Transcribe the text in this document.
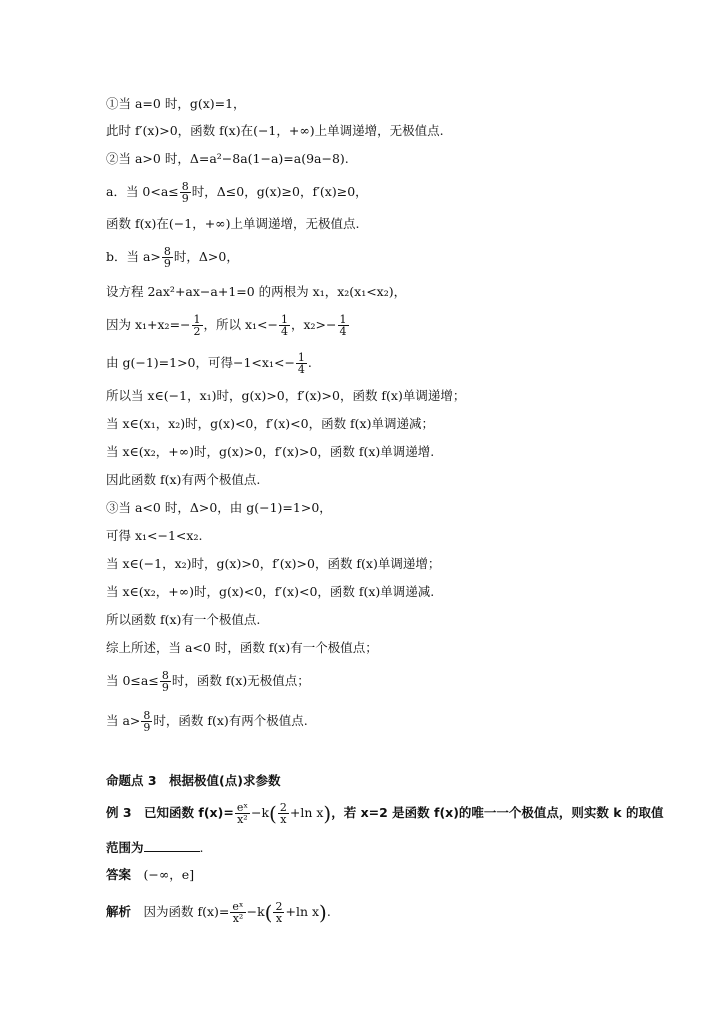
①当 a=0 时，g(x)=1，
此时 f′(x)>0，函数 f(x)在(−1，+∞)上单调递增，无极值点.
②当 a>0 时，Δ=a²−8a(1−a)=a(9a−8).
a．当 $0<a\le \frac{8}{9}$ 时，Δ≤0，g(x)≥0，f′(x)≥0，
函数 f(x)在(−1，+∞)上单调递增，无极值点.
b．当 $a> \frac{8}{9}$ 时，Δ>0，
设方程 2ax²+ax−a+1=0 的两根为 x₁，x₂(x₁<x₂)，
因为 $x_1+x_2=- \frac{1}{2}$ ，所以 $x_1<- \frac{1}{4}$ ，$x_2>- \frac{1}{4}$
由 g(−1)=1>0，可得$-1<x_1<- \frac{1}{4}$ .
所以当 x∈(−1，x₁)时，g(x)>0，f′(x)>0，函数 f(x)单调递增；
当 x∈(x₁，x₂)时，g(x)<0，f′(x)<0，函数 f(x)单调递减；
当 x∈(x₂，+∞)时，g(x)>0，f′(x)>0，函数 f(x)单调递增.
因此函数 f(x)有两个极值点.
③当 a<0 时，Δ>0，由 g(−1)=1>0，
可得 x₁<−1<x₂.
当 x∈(−1，x₂)时，g(x)>0，f′(x)>0，函数 f(x)单调递增；
当 x∈(x₂，+∞)时，g(x)<0，f′(x)<0，函数 f(x)单调递减.
所以函数 f(x)有一个极值点.
综上所述，当 a<0 时，函数 f(x)有一个极值点；
当 $0\le a\le \frac{8}{9}$ 时，函数 f(x)无极值点；
当 $a> \frac{8}{9}$ 时，函数 f(x)有两个极值点.
命题点 3　根据极值(点)求参数
例 3　已知函数 $f(x)= \frac{\text{eˣ}}{\text{x²}} -k( \frac{2}{x} +\ln$ x)，若 x=2 是函数 f(x)的唯一一个极值点，则实数 k 的取值
范围为	.
答案　 (−∞，e]
解析　 因为函数 $f(x)= \frac{\text{eˣ}}{\text{x²}} -k( \frac{2}{x} +\ln$ x).
